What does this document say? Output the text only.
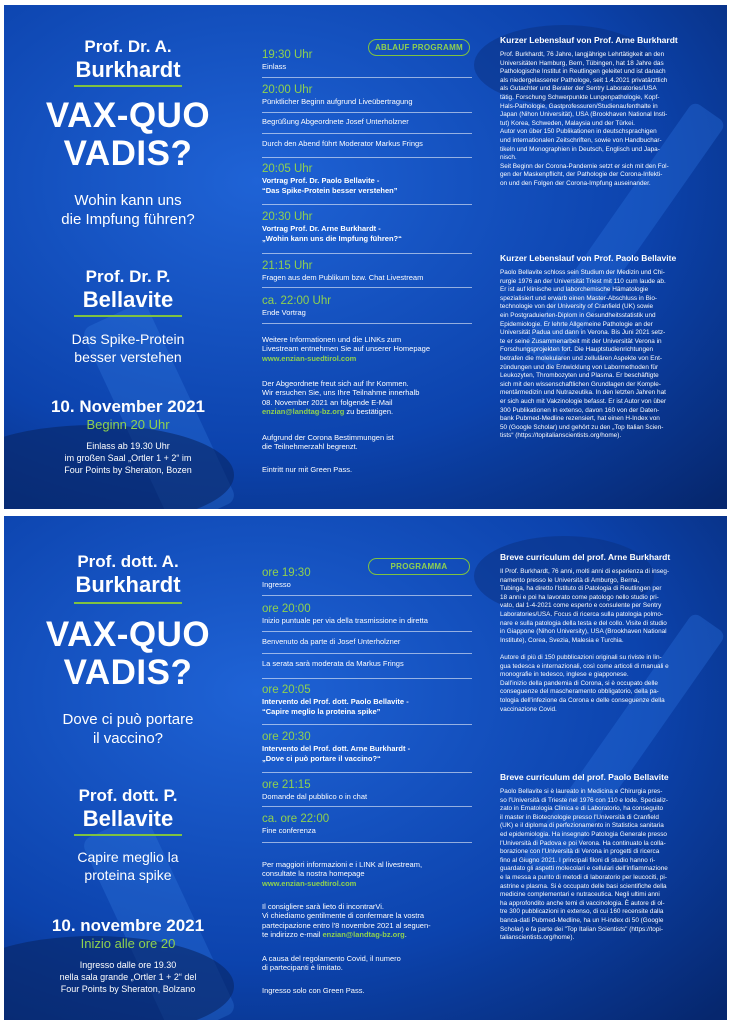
Prof. Dr. A.
Burkhardt
VAX-QUO
VADIS?
Wohin kann uns
die Impfung führen?
Prof. Dr. P.
Bellavite
Das Spike-Protein
besser verstehen
10. November 2021
Beginn 20 Uhr
Einlass ab 19.30 Uhr
im großen Saal „Ortler 1 + 2“ im
Four Points by Sheraton, Bozen
ABLAUF PROGRAMM
19:30 Uhr
Einlass
20:00 Uhr
Pünktlicher Beginn aufgrund Liveübertragung
Begrüßung Abgeordnete Josef Unterholzner
Durch den Abend führt Moderator Markus Frings
20:05 Uhr
Vortrag Prof. Dr. Paolo Bellavite -
“Das Spike-Protein besser verstehen”
20:30 Uhr
Vortrag Prof. Dr. Arne Burkhardt -
„Wohin kann uns die Impfung führen?“
21:15 Uhr
Fragen aus dem Publikum bzw. Chat Livestream
ca. 22:00 Uhr
Ende Vortrag
Weitere Informationen und die LINKs zum
Livestream entnehmen Sie auf unserer Homepage
www.enzian-suedtirol.com
Der Abgeordnete freut sich auf Ihr Kommen.
Wir ersuchen Sie, uns Ihre Teilnahme innerhalb
08. November 2021 an folgende E-Mail
enzian@landtag-bz.org zu bestätigen.
Aufgrund der Corona Bestimmungen ist
die Teilnehmerzahl begrenzt.
Eintritt nur mit Green Pass.
Kurzer Lebenslauf von Prof. Arne Burkhardt
Prof. Burkhardt, 76 Jahre, langjährige Lehrtätigkeit an den
Universitäten Hamburg, Bern, Tübingen, hat 18 Jahre das
Pathologische Institut in Reutlingen geleitet und ist danach
als niedergelassener Pathologe, seit 1.4.2021 privatärztlich
als Gutachter und Berater der Sentry Laboratories/USA
tätig. Forschung Schwerpunkte Lungenpathologie, Kopf-
Hals-Pathologie, Gastprofessuren/Studienaufenthalte in
Japan (Nihon Universität), USA (Brookhaven National Insti-
tut) Korea, Schweden, Malaysia und der Türkei.
Autor von über 150 Publikationen in deutschsprachigen
und internationalen Zeitschriften, sowie von Handbuchar-
tikeln und Monographien in Deutsch, Englisch und Japa-
nisch.
Seit Beginn der Corona-Pandemie setzt er sich mit den Fol-
gen der Maskenpflicht, der Pathologie der Corona-Infekti-
on und den Folgen der Corona-Impfung auseinander.
Kurzer Lebenslauf von Prof. Paolo Bellavite
Paolo Bellavite schloss sein Studium der Medizin und Chi-
rurgie 1976 an der Universität Triest mit 110 cum laude ab.
Er ist auf klinische und laborchemische Hämatologie
spezialisiert und erwarb einen Master-Abschluss in Bio-
technologie von der University of Cranfield (UK) sowie
ein Postgraduierten-Diplom in Gesundheitsstatistik und
Epidemiologie. Er lehrte Allgemeine Pathologie an der
Universität Padua und dann in Verona. Bis Juni 2021 setz-
te er seine Zusammenarbeit mit der Universität Verona in
Forschungsprojekten fort. Die Hauptstudienrichtungen
betrafen die molekularen und zellulären Aspekte von Ent-
zündungen und die Entwicklung von Labormethoden für
Leukozyten, Thrombozyten und Plasma. Er beschäftigte
sich mit den wissenschaftlichen Grundlagen der Komple-
mentärmedizin und Nutrazeutika. In den letzten Jahren hat
er sich auch mit Vakzinologie befasst. Er ist Autor von über
300 Publikationen in extenso, davon 160 von der Daten-
bank Pubmed-Medline rezensiert, hat einen H-Index von
50 (Google Scholar) und gehört zu den „Top Italian Scien-
tists“ (https://topitalianscientists.org/home).
Prof. dott. A.
Burkhardt
VAX-QUO
VADIS?
Dove ci può portare
il vaccino?
Prof. dott. P.
Bellavite
Capire meglio la
proteina spike
10. novembre 2021
Inizio alle ore 20
Ingresso dalle ore 19.30
nella sala grande „Ortler 1 + 2“ del
Four Points by Sheraton, Bolzano
PROGRAMMA
ore 19:30
Ingresso
ore 20:00
Inizio puntuale per via della trasmissione in diretta
Benvenuto da parte di Josef Unterholzner
La serata sarà moderata da Markus Frings
ore 20:05
Intervento del Prof. dott. Paolo Bellavite -
“Capire meglio la proteina spike”
ore 20:30
Intervento del Prof. dott. Arne Burkhardt -
„Dove ci può portare il vaccino?“
ore 21:15
Domande dal pubblico o in chat
ca. ore 22:00
Fine conferenza
Per maggiori informazioni e i LINK al livestream,
consultate la nostra homepage
www.enzian-suedtirol.com
Il consigliere sarà lieto di incontrarVi.
Vi chiediamo gentilmente di confermare la vostra
partecipazione entro l'8 novembre 2021 al seguen-
te indirizzo e-mail enzian@landtag-bz.org.
A causa del regolamento Covid, il numero
di partecipanti è limitato.
Ingresso solo con Green Pass.
Breve curriculum del prof. Arne Burkhardt
Il Prof. Burkhardt, 76 anni, molti anni di esperienza di inseg-
namento presso le Università di Amburgo, Berna,
Tubinga, ha diretto l'Istituto di Patologia di Reutlingen per
18 anni e poi ha lavorato come patologo nello studio pri-
vato, dal 1-4-2021 come esperto e consulente per Sentry
Laboratories/USA. Focus di ricerca sulla patologia polmo-
nare e sulla patologia della testa e del collo. Visite di studio
in Giappone (Nihon University), USA (Brookhaven National
Institute), Corea, Svezia, Malesia e Turchia.

Autore di più di 150 pubblicazioni originali su riviste in lin-
gua tedesca e internazionali, così come articoli di manuali e
monografie in tedesco, inglese e giapponese.
Dall'inizio della pandemia di Corona, si è occupato delle
conseguenze del mascheramento obbligatorio, della pa-
tologia dell'infezione da Corona e delle conseguenze della
vaccinazione Covid.
Breve curriculum del prof. Paolo Bellavite
Paolo Bellavite si è laureato in Medicina e Chirurgia pres-
so l'Università di Trieste nel 1976 con 110 e lode. Specializ-
zato in Ematologia Clinica e di Laboratorio, ha conseguito
il master in Biotecnologie presso l'Università di Cranfield
(UK) e il diploma di perfezionamento in Statistica sanitaria
ed epidemiologia. Ha insegnato Patologia Generale presso
l'Università di Padova e poi Verona. Ha continuato la colla-
borazione con l'Università di Verona in progetti di ricerca
fino al Giugno 2021. I principali filoni di studio hanno ri-
guardato gli aspetti molecolari e cellulari dell'infiammazione
e la messa a punto di metodi di laboratorio per leucociti, pi-
astrine e plasma. Si è occupato delle basi scientifiche della
medicine complementari e nutraceutica. Negli ultimi anni
ha approfondito anche temi di vaccinologia. È autore di ol-
tre 300 pubblicazioni in extenso, di cui 160 recensite dalla
banca-dati Pubmed-Medline, ha un H-index di 50 (Google
Scholar) e fa parte dei "Top Italian Scientists" (https://topi-
talianscientists.org/home).
